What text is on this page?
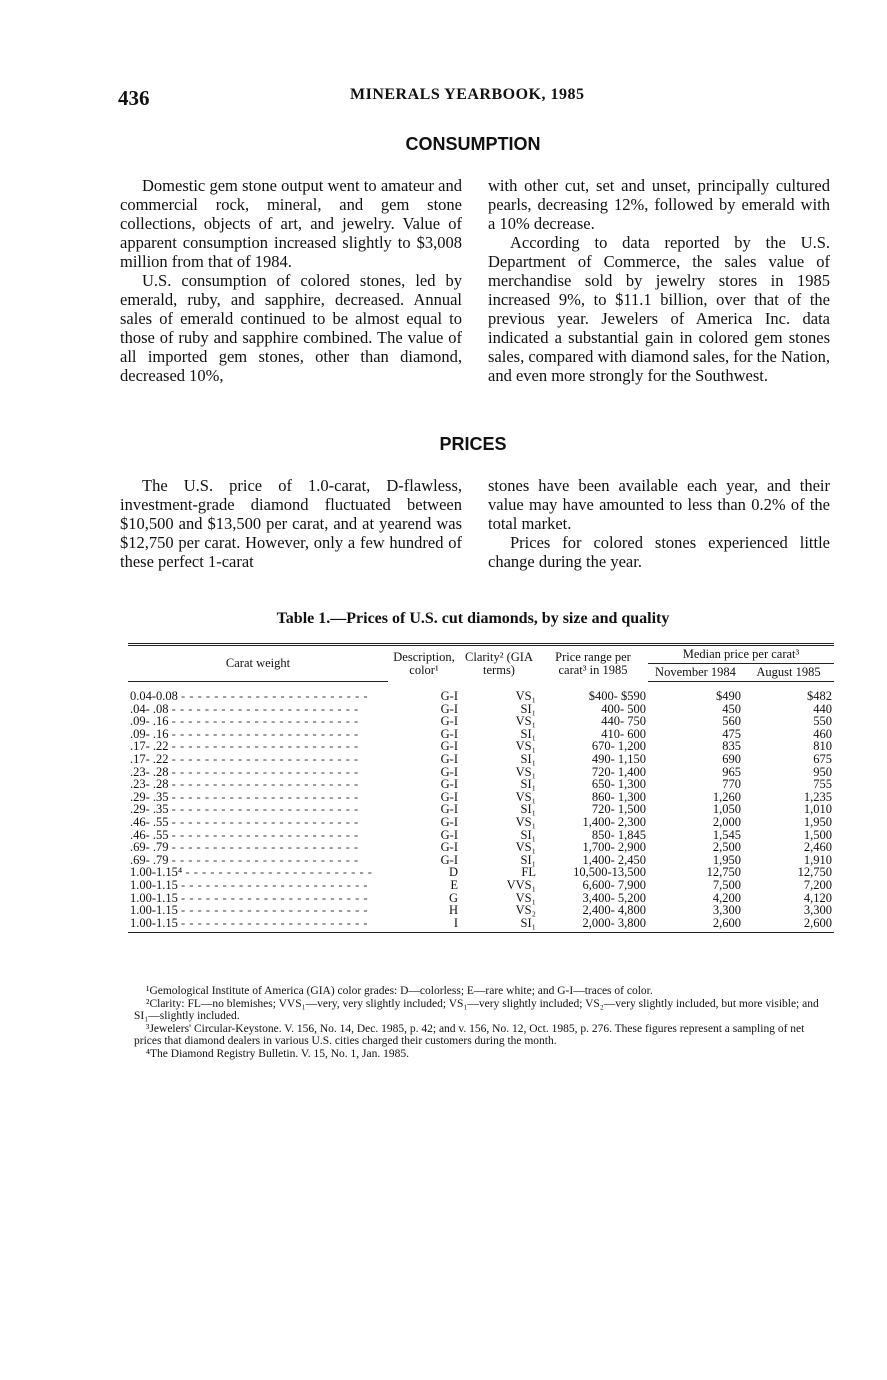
436	MINERALS YEARBOOK, 1985
CONSUMPTION

Domestic gem stone output went to amateur and commercial rock, mineral, and gem stone collections, objects of art, and jewelry. Value of apparent consumption increased slightly to $3,008 million from that of 1984.

U.S. consumption of colored stones, led by emerald, ruby, and sapphire, decreased. Annual sales of emerald continued to be almost equal to those of ruby and sapphire combined. The value of all imported gem stones, other than diamond, decreased 10%,

with other cut, set and unset, principally cultured pearls, decreasing 12%, followed by emerald with a 10% decrease.

According to data reported by the U.S. Department of Commerce, the sales value of merchandise sold by jewelry stores in 1985 increased 9%, to $11.1 billion, over that of the previous year. Jewelers of America Inc. data indicated a substantial gain in colored gem stones sales, compared with diamond sales, for the Nation, and even more strongly for the Southwest.

PRICES

The U.S. price of 1.0-carat, D-flawless, investment-grade diamond fluctuated between $10,500 and $13,500 per carat, and at yearend was $12,750 per carat. However, only a few hundred of these perfect 1-carat

stones have been available each year, and their value may have amounted to less than 0.2% of the total market.

Prices for colored stones experienced little change during the year.

Table 1.—Prices of U.S. cut diamonds, by size and quality
Carat weight	Description, color¹	Clarity² (GIA terms)	Price range per carat³ in 1985	Median price per carat³	
				November 1984	August 1985
0.04-0.08 - - - - - - - - - - - - - - - - - - - - - - -	G-I	VS₁	$400- $590	$490	$482
.04- .08 - - - - - - - - - - - - - - - - - - - - - - -	G-I	SI₁	400- 500	450	440
.09- .16 - - - - - - - - - - - - - - - - - - - - - - -	G-I	VS₁	440- 750	560	550
.09- .16 - - - - - - - - - - - - - - - - - - - - - - -	G-I	SI₁	410- 600	475	460
.17- .22 - - - - - - - - - - - - - - - - - - - - - - -	G-I	VS₁	670- 1,200	835	810
.17- .22 - - - - - - - - - - - - - - - - - - - - - - -	G-I	SI₁	490- 1,150	690	675
.23- .28 - - - - - - - - - - - - - - - - - - - - - - -	G-I	VS₁	720- 1,400	965	950
.23- .28 - - - - - - - - - - - - - - - - - - - - - - -	G-I	SI₁	650- 1,300	770	755
.29- .35 - - - - - - - - - - - - - - - - - - - - - - -	G-I	VS₁	860- 1,300	1,260	1,235
.29- .35 - - - - - - - - - - - - - - - - - - - - - - -	G-I	SI₁	720- 1,500	1,050	1,010
.46- .55 - - - - - - - - - - - - - - - - - - - - - - -	G-I	VS₁	1,400- 2,300	2,000	1,950
.46- .55 - - - - - - - - - - - - - - - - - - - - - - -	G-I	SI₁	850- 1,845	1,545	1,500
.69- .79 - - - - - - - - - - - - - - - - - - - - - - -	G-I	VS₁	1,700- 2,900	2,500	2,460
.69- .79 - - - - - - - - - - - - - - - - - - - - - - -	G-I	SI₁	1,400- 2,450	1,950	1,910
1.00-1.15⁴ - - - - - - - - - - - - - - - - - - - - - - -	D	FL	10,500-13,500	12,750	12,750
1.00-1.15 - - - - - - - - - - - - - - - - - - - - - - -	E	VVS₁	6,600- 7,900	7,500	7,200
1.00-1.15 - - - - - - - - - - - - - - - - - - - - - - -	G	VS₁	3,400- 5,200	4,200	4,120
1.00-1.15 - - - - - - - - - - - - - - - - - - - - - - -	H	VS₂	2,400- 4,800	3,300	3,300
1.00-1.15 - - - - - - - - - - - - - - - - - - - - - - -	I	SI₁	2,000- 3,800	2,600	2,600

¹Gemological Institute of America (GIA) color grades: D—colorless; E—rare white; and G-I—traces of color.

²Clarity: FL—no blemishes; VVS₁—very, very slightly included; VS₁—very slightly included; VS₂—very slightly included, but more visible; and SI₁—slightly included.

³Jewelers' Circular-Keystone. V. 156, No. 14, Dec. 1985, p. 42; and v. 156, No. 12, Oct. 1985, p. 276. These figures represent a sampling of net prices that diamond dealers in various U.S. cities charged their customers during the month.

⁴The Diamond Registry Bulletin. V. 15, No. 1, Jan. 1985.
